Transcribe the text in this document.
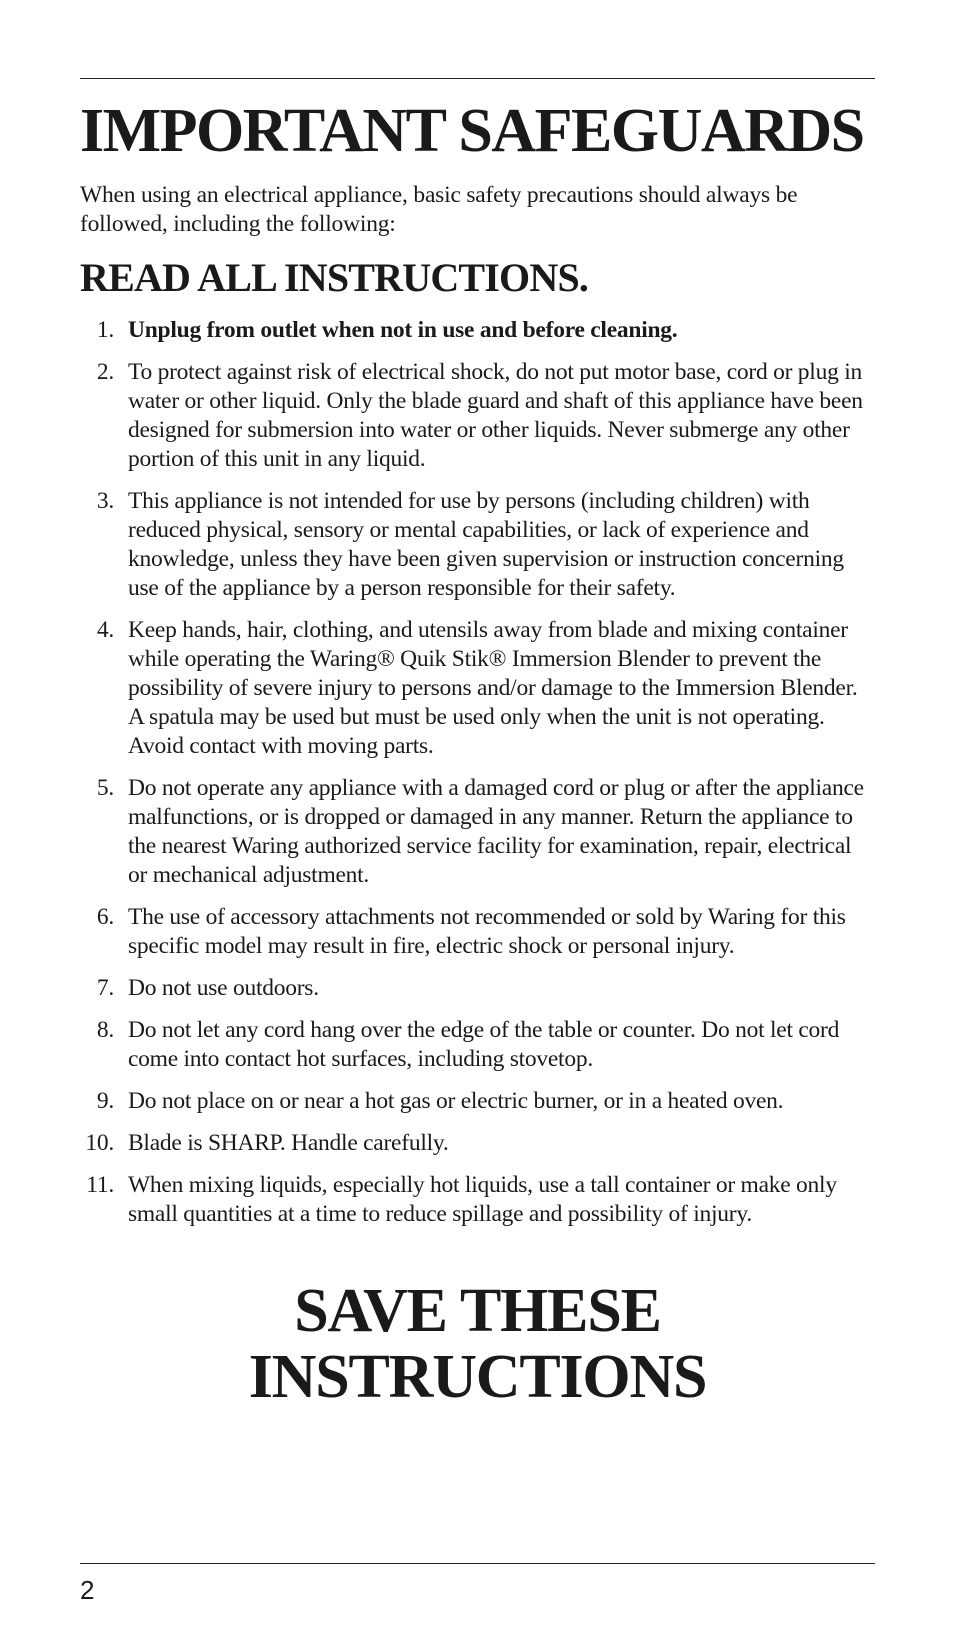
IMPORTANT SAFEGUARDS

When using an electrical appliance, basic safety precautions should always be followed, including the following:

READ ALL INSTRUCTIONS.
1. Unplug from outlet when not in use and before cleaning.
2. To protect against risk of electrical shock, do not put motor base, cord or plug in water or other liquid. Only the blade guard and shaft of this appliance have been designed for submersion into water or other liquids. Never submerge any other portion of this unit in any liquid.
3. This appliance is not intended for use by persons (including children) with reduced physical, sensory or mental capabilities, or lack of experience and knowledge, unless they have been given supervision or instruction concerning use of the appliance by a person responsible for their safety.
4. Keep hands, hair, clothing, and utensils away from blade and mixing container while operating the Waring® Quik Stik® Immersion Blender to prevent the possibility of severe injury to persons and/or damage to the Immersion Blender. A spatula may be used but must be used only when the unit is not operating. Avoid contact with moving parts.
5. Do not operate any appliance with a damaged cord or plug or after the appliance malfunctions, or is dropped or damaged in any manner. Return the appliance to the nearest Waring authorized service facility for examination, repair, electrical or mechanical adjustment.
6. The use of accessory attachments not recommended or sold by Waring for this specific model may result in fire, electric shock or personal injury.
7. Do not use outdoors.
8. Do not let any cord hang over the edge of the table or counter. Do not let cord come into contact hot surfaces, including stovetop.
9. Do not place on or near a hot gas or electric burner, or in a heated oven.
10. Blade is SHARP. Handle carefully.
11. When mixing liquids, especially hot liquids, use a tall container or make only small quantities at a time to reduce spillage and possibility of injury.
SAVE THESE
INSTRUCTIONS

2
